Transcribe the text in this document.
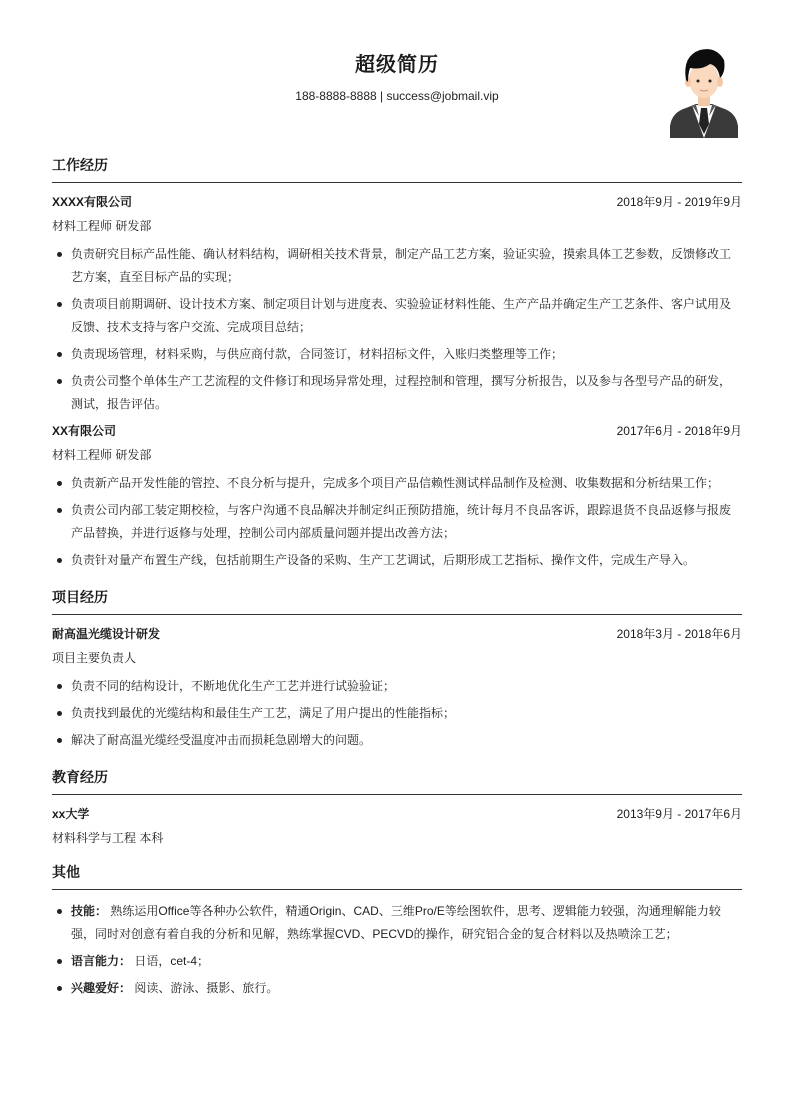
超级简历
188-8888-8888 | success@jobmail.vip
工作经历
XXXX有限公司	2018年9月 - 2019年9月
材料工程师 研发部
负责研究目标产品性能、确认材料结构，调研相关技术背景，制定产品工艺方案，验证实验，摸索具体工艺参数，反馈修改工艺方案，直至目标产品的实现；
负责项目前期调研、设计技术方案、制定项目计划与进度表、实验验证材料性能、生产产品并确定生产工艺条件、客户试用及反馈、技术支持与客户交流、完成项目总结；
负责现场管理，材料采购，与供应商付款，合同签订，材料招标文件，入账归类整理等工作；
负责公司整个单体生产工艺流程的文件修订和现场异常处理，过程控制和管理，撰写分析报告，以及参与各型号产品的研发，测试，报告评估。
XX有限公司	2017年6月 - 2018年9月
材料工程师 研发部
负责新产品开发性能的管控、不良分析与提升，完成多个项目产品信赖性测试样品制作及检测、收集数据和分析结果工作；
负责公司内部工装定期校检，与客户沟通不良品解决并制定纠正预防措施，统计每月不良品客诉，跟踪退货不良品返修与报废产品替换，并进行返修与处理，控制公司内部质量问题并提出改善方法；
负责针对量产布置生产线，包括前期生产设备的采购、生产工艺调试，后期形成工艺指标、操作文件，完成生产导入。
项目经历
耐高温光缆设计研发	2018年3月 - 2018年6月
项目主要负责人
负责不同的结构设计，不断地优化生产工艺并进行试验验证；
负责找到最优的光缆结构和最佳生产工艺，满足了用户提出的性能指标；
解决了耐高温光缆经受温度冲击而损耗急剧增大的问题。
教育经历
xx大学	2013年9月 - 2017年6月
材料科学与工程 本科
其他
技能： 熟练运用Office等各种办公软件，精通Origin、CAD、三维Pro/E等绘图软件，思考、逻辑能力较强，沟通理解能力较强，同时对创意有着自我的分析和见解，熟练掌握CVD、PECVD的操作，研究铝合金的复合材料以及热喷涂工艺；
语言能力： 日语，cet-4；
兴趣爱好： 阅读、游泳、摄影、旅行。
